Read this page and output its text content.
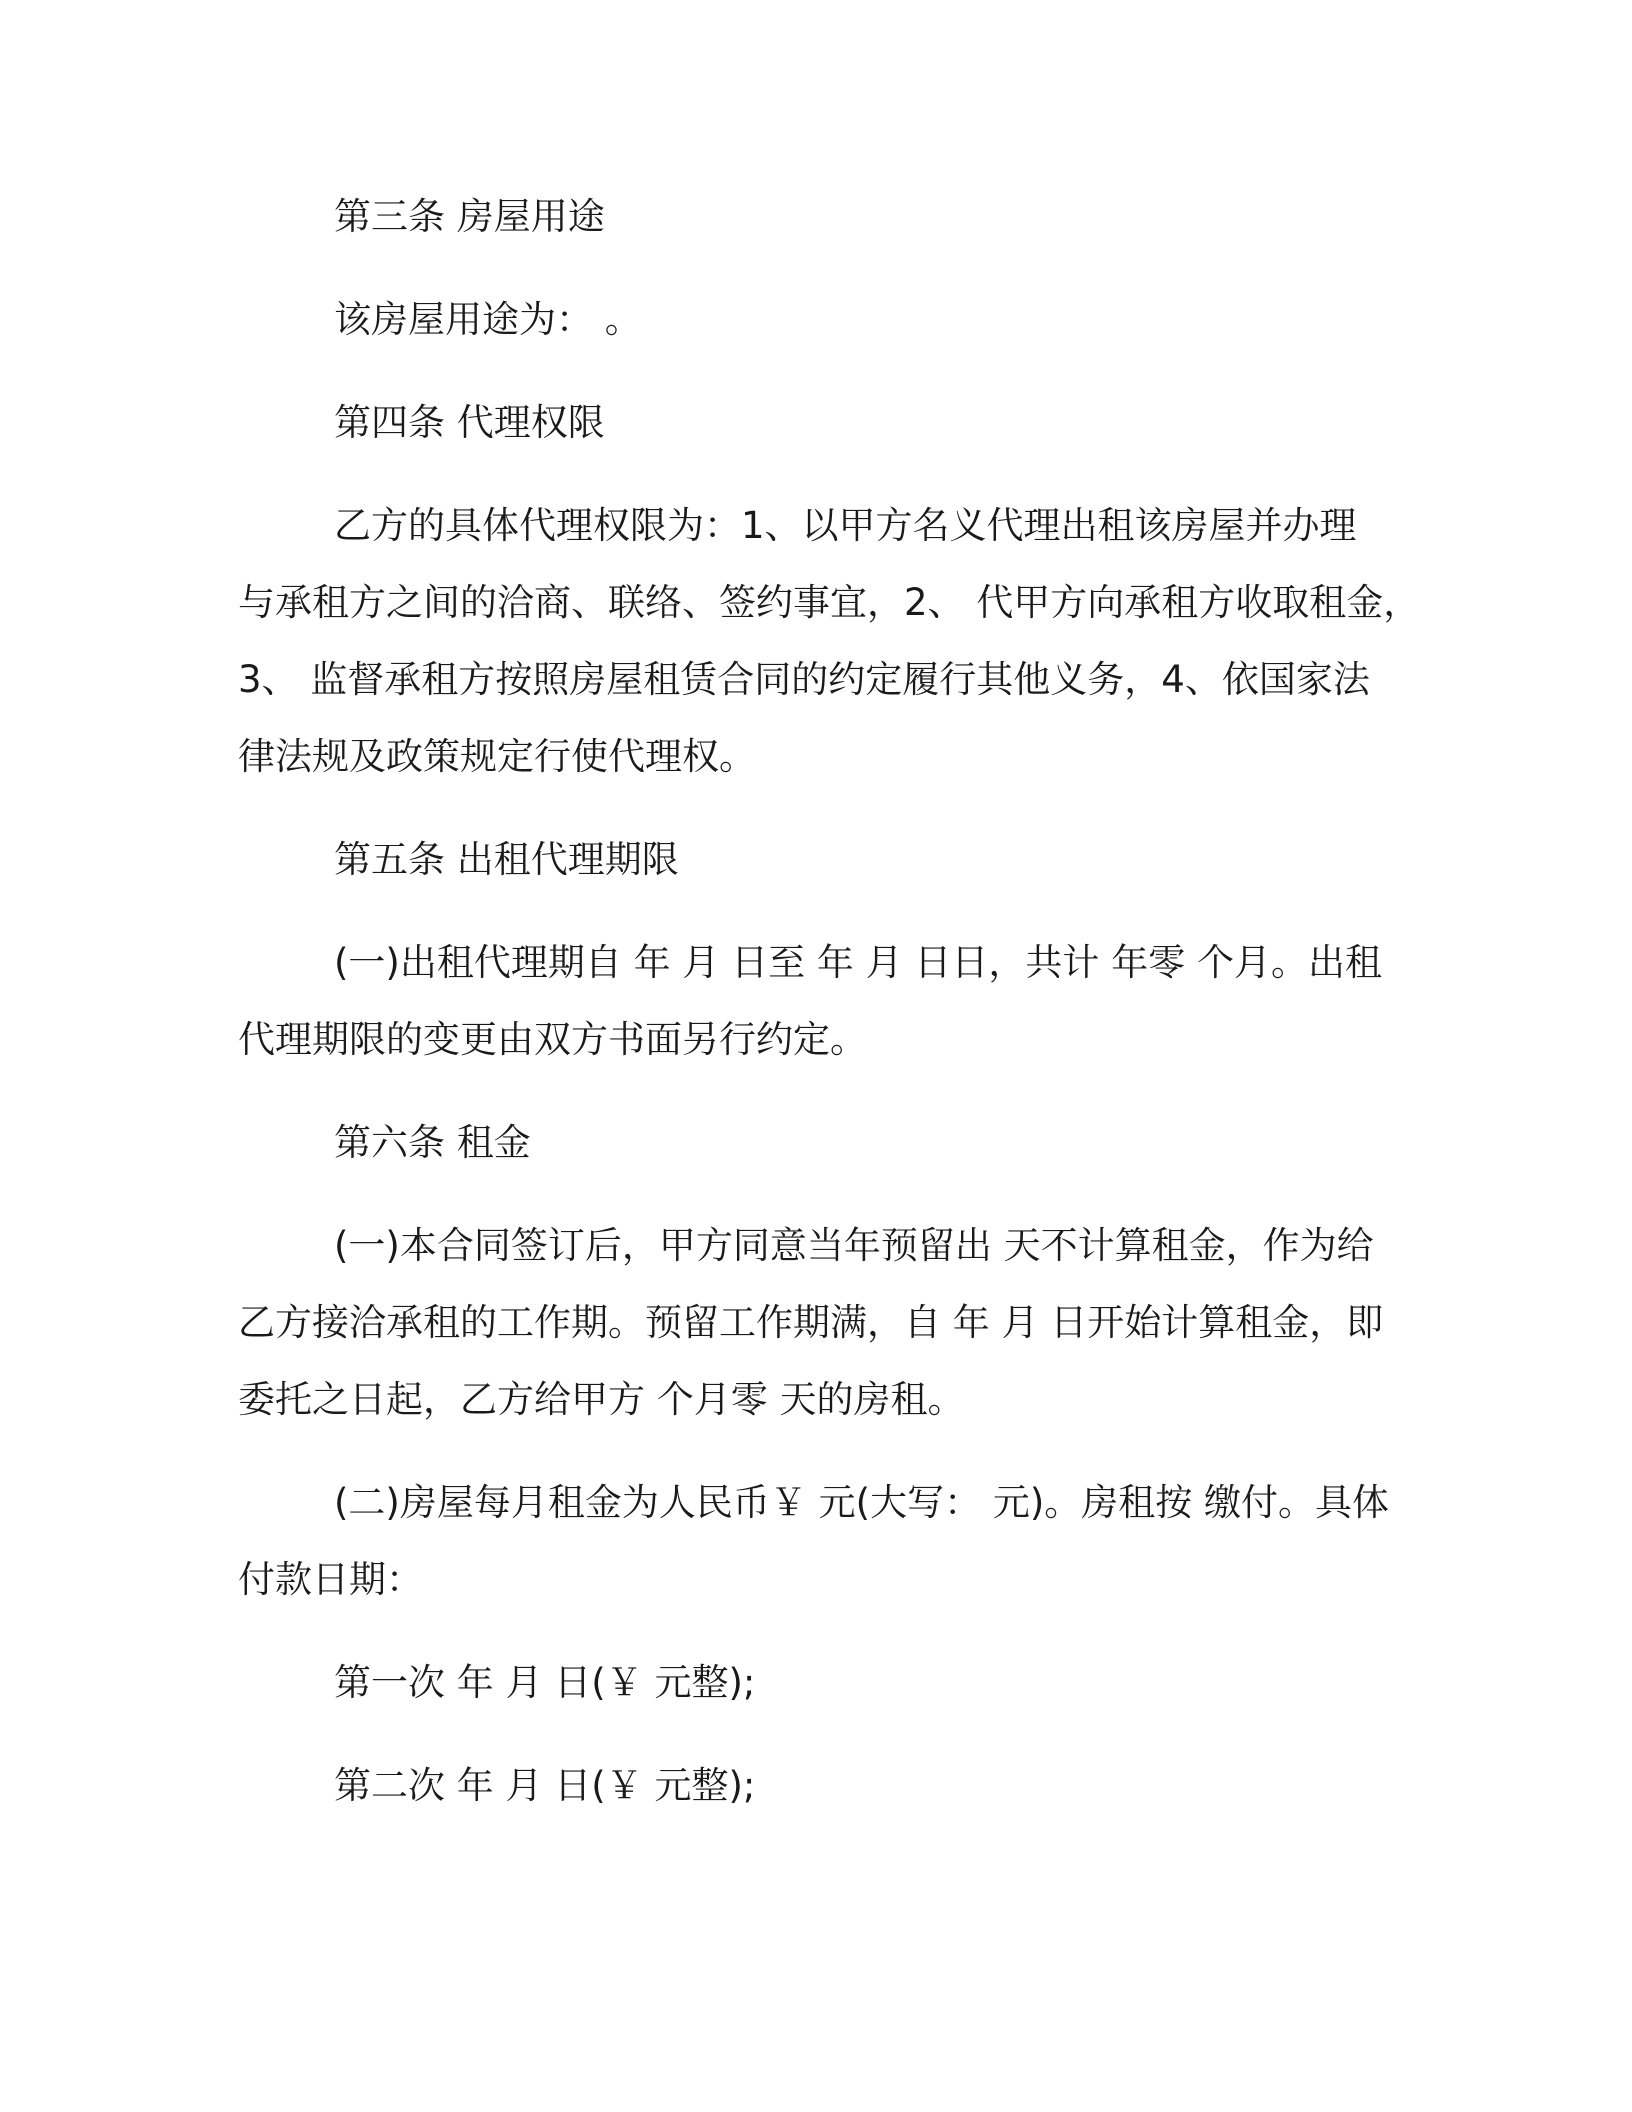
第三条 房屋用途
该房屋用途为： 。
第四条 代理权限
乙方的具体代理权限为：1、以甲方名义代理出租该房屋并办理
与承租方之间的洽商、联络、签约事宜，2、 代甲方向承租方收取租金，
3、 监督承租方按照房屋租赁合同的约定履行其他义务，4、依国家法
律法规及政策规定行使代理权。
第五条 出租代理期限
(一)出租代理期自 年 月 日至 年 月 日日，共计 年零 个月。出租
代理期限的变更由双方书面另行约定。
第六条 租金
(一)本合同签订后，甲方同意当年预留出 天不计算租金，作为给
乙方接洽承租的工作期。预留工作期满，自 年 月 日开始计算租金，即
委托之日起，乙方给甲方 个月零 天的房租。
(二)房屋每月租金为人民币￥ 元(大写： 元)。房租按 缴付。具体
付款日期：
第一次 年 月 日(￥ 元整);
第二次 年 月 日(￥ 元整);
